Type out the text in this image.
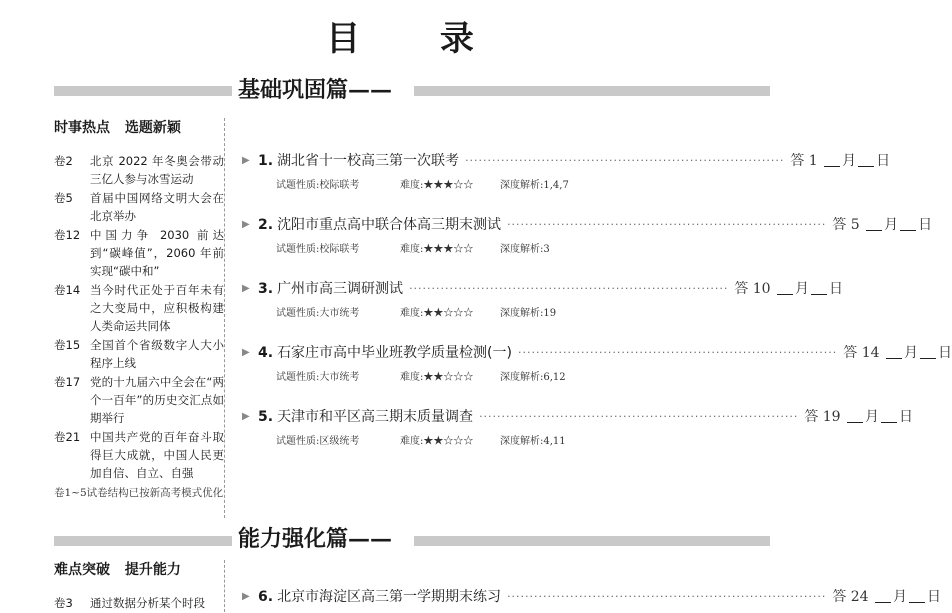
目 录
基础巩固篇——
时事热点 选题新颖
卷2	北京 2022 年冬奥会带动三亿人参与冰雪运动
卷5	首届中国网络文明大会在北京举办
卷12 中国力争 2030 前达到“碳峰值”，2060 年前实现“碳中和”
卷14 当今时代正处于百年未有之大变局中，应积极构建人类命运共同体
卷15 全国首个省级数字人大小程序上线
卷17 党的十九届六中全会在“两个一百年”的历史交汇点如期举行
卷21 中国共产党的百年奋斗取得巨大成就，中国人民更加自信、自立、自强
卷1~5试卷结构已按新高考模式优化
▶ 1. 湖北省十一校高三第一次联考 ······································································· 答 1 月 日
试题性质:校际联考	难度:★★★☆☆	深度解析:1,4,7
▶ 2. 沈阳市重点高中联合体高三期末测试 ······································································· 答 5 月 日
试题性质:校际联考	难度:★★★☆☆	深度解析:3
▶ 3. 广州市高三调研测试 ······································································· 答 10 月 日
试题性质:大市统考	难度:★★☆☆☆	深度解析:19
▶ 4. 石家庄市高中毕业班教学质量检测(一) ······································································· 答 14 月 日
试题性质:大市统考	难度:★★☆☆☆	深度解析:6,12
▶ 5. 天津市和平区高三期末质量调查 ······································································· 答 19 月 日
试题性质:区级统考	难度:★★☆☆☆	深度解析:4,11
能力强化篇——
难点突破 提升能力
卷3	通过数据分析某个时段	▶ 6. 北京市海淀区高三第一学期期末练习 ······································································· 答 24 月 日
